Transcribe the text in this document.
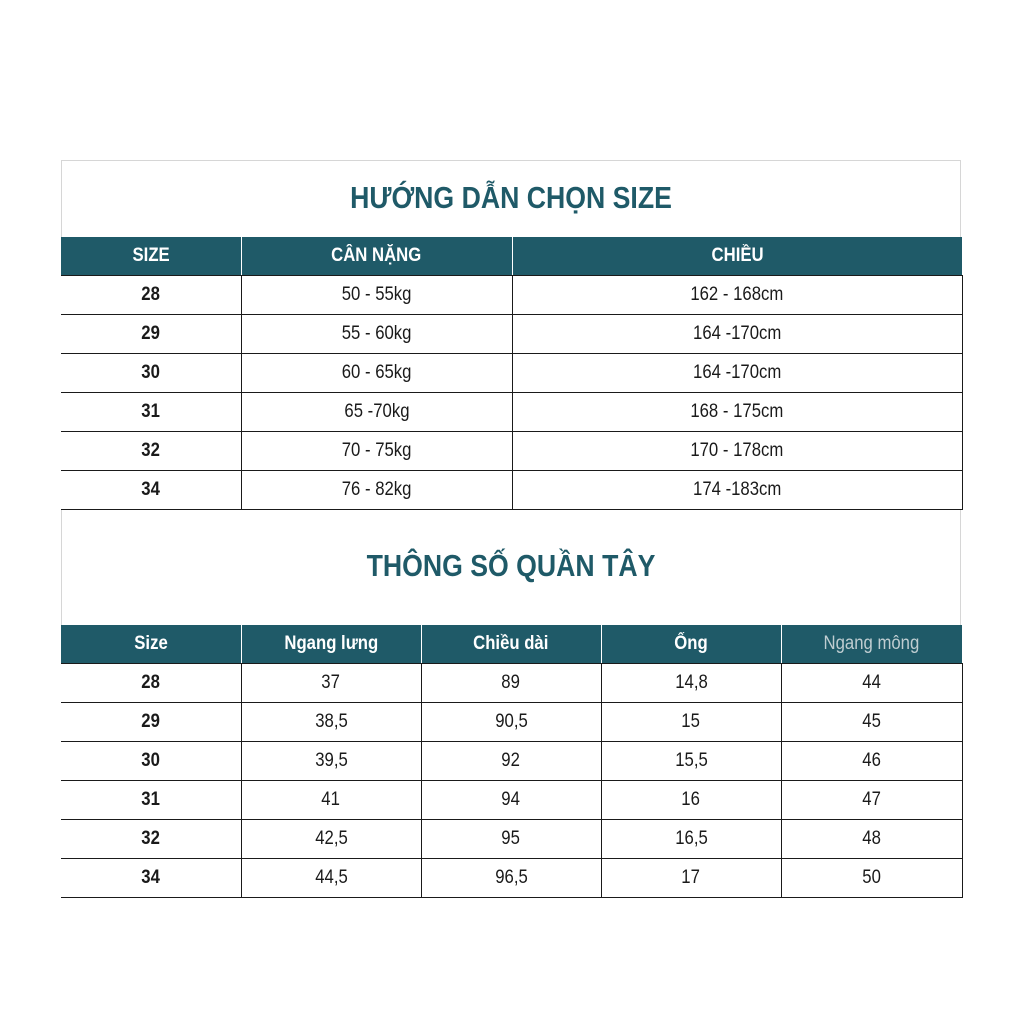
HƯỚNG DẪN CHỌN SIZE
SIZE	CÂN NẶNG	CHIỀU
28	50 - 55kg	162 - 168cm
29	55 - 60kg	164 -170cm
30	60 - 65kg	164 -170cm
31	65 -70kg	168 - 175cm
32	70 - 75kg	170 - 178cm
34	76 - 82kg	174 -183cm
THÔNG SỐ QUẦN TÂY
Size	Ngang lưng	Chiều dài	Ống	Ngang mông
28	37	89	14,8	44
29	38,5	90,5	15	45
30	39,5	92	15,5	46
31	41	94	16	47
32	42,5	95	16,5	48
34	44,5	96,5	17	50
